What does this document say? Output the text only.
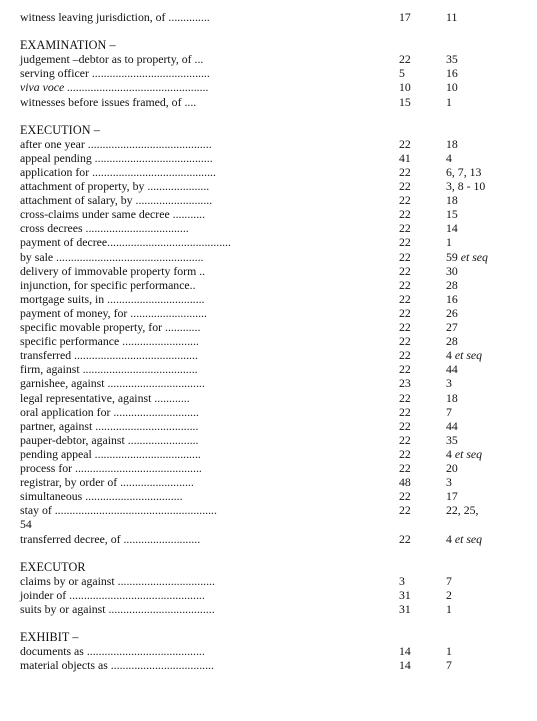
witness leaving jurisdiction, of ..............	17	11
EXAMINATION –
judgement –debtor as to property, of ...	22	35
serving officer ........................................	5	16
viva voce ................................................	10	10
witnesses before issues framed, of ....	15	1
EXECUTION –
after one year ..........................................	22	18
appeal pending ........................................	41	4
application for ..........................................	22	6, 7, 13
attachment of property, by .....................	22	3, 8 - 10
attachment of salary, by ..........................	22	18
cross-claims under same decree ...........	22	15
cross decrees ...................................	22	14
payment of decree..........................................	22	1
by sale ..................................................	22	59 et seq
delivery of immovable property form ..	22	30
injunction, for specific performance..	22	28
mortgage suits, in .................................	22	16
payment of money, for ..........................	22	26
specific movable property, for ............	22	27
specific performance ..........................	22	28
transferred ..........................................	22	4 et seq
firm, against .......................................	22	44
garnishee, against .................................	23	3
legal representative, against ............	22	18
oral application for .............................	22	7
partner, against ...................................	22	44
pauper-debtor, against ........................	22	35
pending appeal ....................................	22	4 et seq
process for ...........................................	22	20
registrar, by order of .........................	48	3
simultaneous .................................	22	17
stay of .......................................................	22	22, 25,
54
transferred decree, of ..........................	22	4 et seq
EXECUTOR
claims by or against .................................	3	7
joinder of ..............................................	31	2
suits by or against ....................................	31	1
EXHIBIT –
documents as ........................................	14	1
material objects as ...................................	14	7
